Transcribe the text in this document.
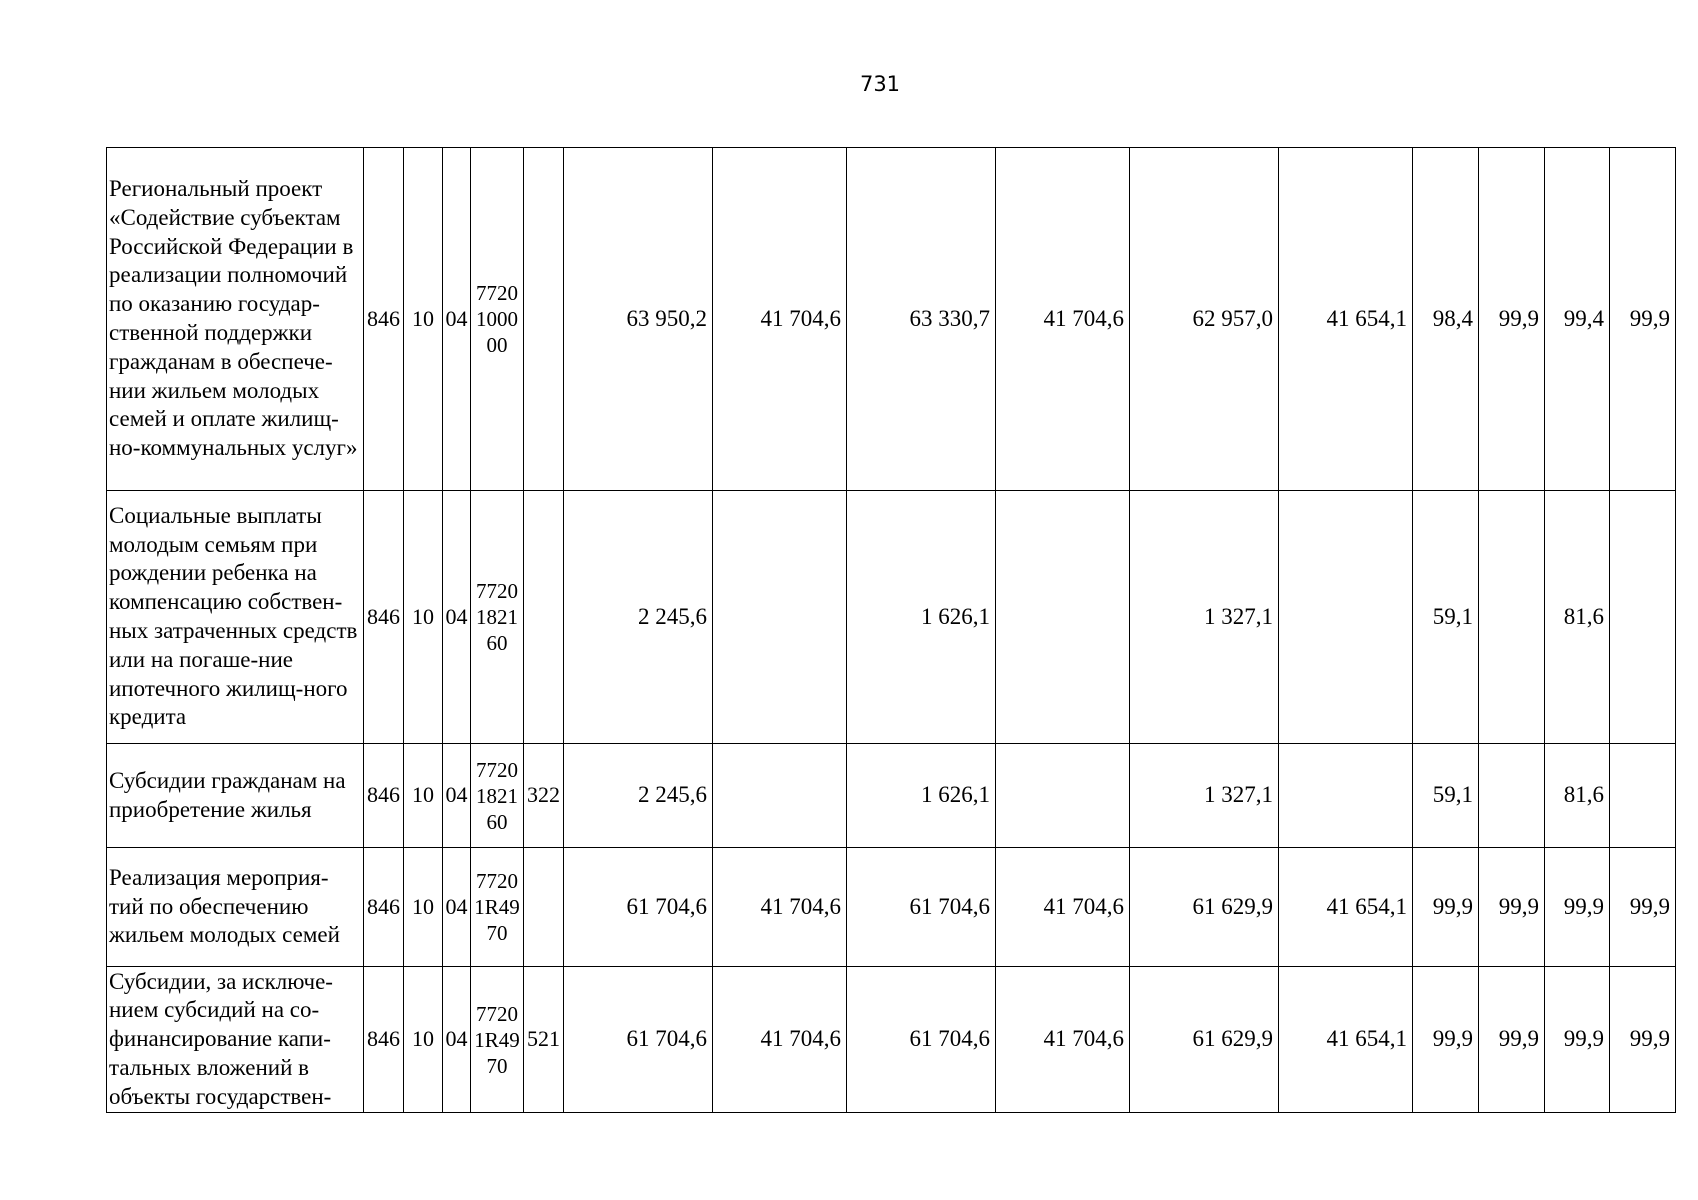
731
Региональный проект «Содействие субъектам Российской Федерации в реализации полномочий по оказанию государ-ственной поддержки гражданам в обеспече-нии жильем молодых семей и оплате жилищ-но-коммунальных услуг»	846	10	04	7720 1000 00		63 950,2	41 704,6	63 330,7	41 704,6	62 957,0	41 654,1	98,4	99,9	99,4	99,9
Социальные выплаты молодым семьям при рождении ребенка на компенсацию собствен-ных затраченных средств или на погаше-ние ипотечного жилищ-ного кредита	846	10	04	7720 1821 60		2 245,6		1 626,1		1 327,1		59,1		81,6	
Субсидии гражданам на приобретение жилья	846	10	04	7720 1821 60	322	2 245,6		1 626,1		1 327,1		59,1		81,6	
Реализация мероприя-тий по обеспечению жильем молодых семей	846	10	04	7720 1R49 70		61 704,6	41 704,6	61 704,6	41 704,6	61 629,9	41 654,1	99,9	99,9	99,9	99,9
Субсидии, за исключе-нием субсидий на со-финансирование капи-тальных вложений в объекты государствен-	846	10	04	7720 1R49 70	521	61 704,6	41 704,6	61 704,6	41 704,6	61 629,9	41 654,1	99,9	99,9	99,9	99,9
